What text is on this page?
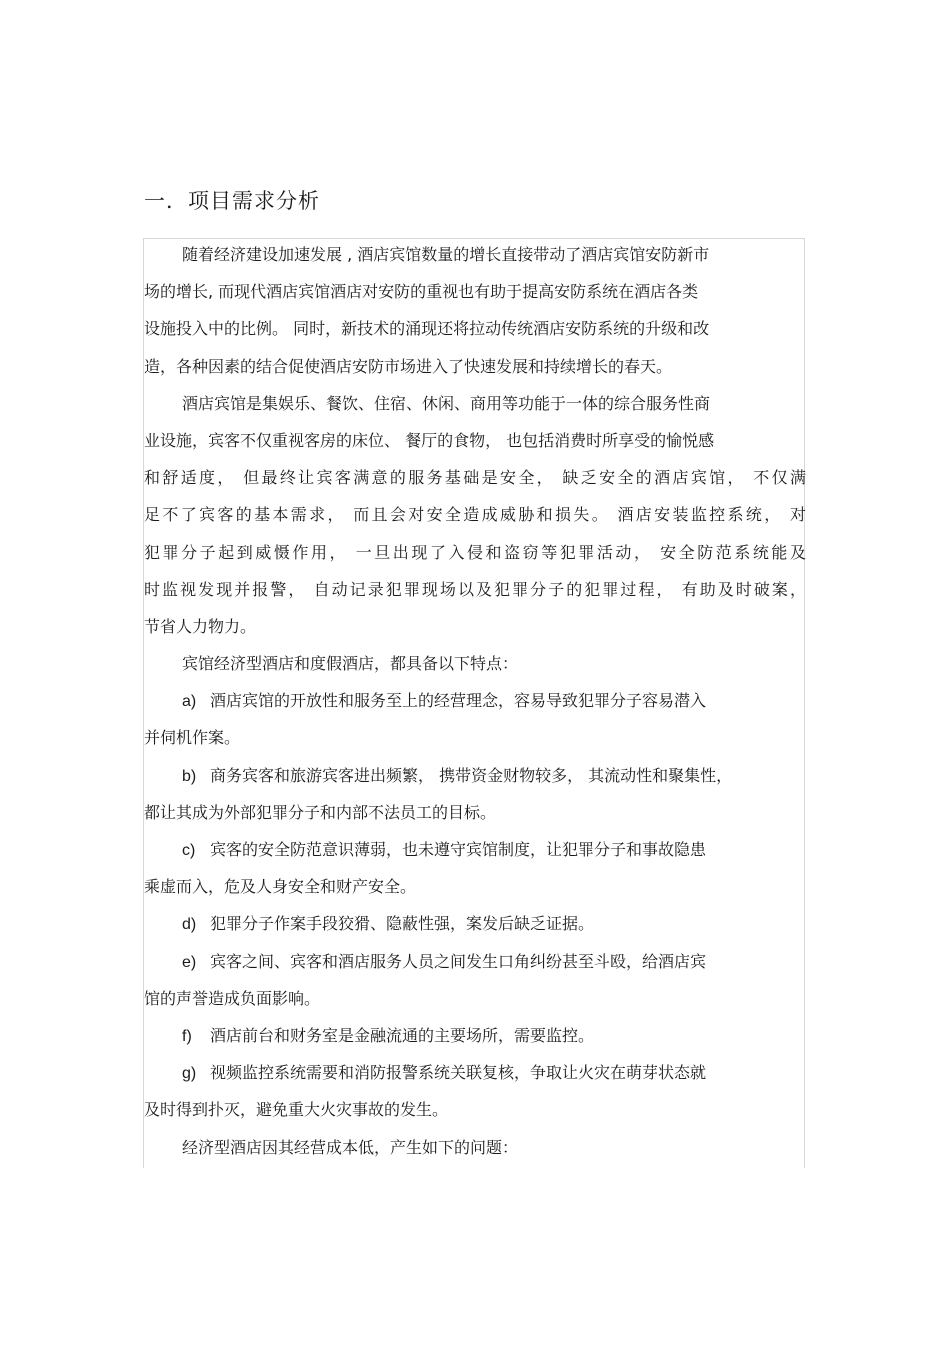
一．项目需求分析
随着经济建设加速发展 , 酒店宾馆数量的增长直接带动了酒店宾馆安防新市
场的增长, 而现代酒店宾馆酒店对安防的重视也有助于提高安防系统在酒店各类
设施投入中的比例。 同时，新技术的涌现还将拉动传统酒店安防系统的升级和改
造，各种因素的结合促使酒店安防市场进入了快速发展和持续增长的春天。
酒店宾馆是集娱乐、餐饮、住宿、休闲、商用等功能于一体的综合服务性商
业设施，宾客不仅重视客房的床位、 餐厅的食物， 也包括消费时所享受的愉悦感
和舒适度， 但最终让宾客满意的服务基础是安全， 缺乏安全的酒店宾馆， 不仅满
足不了宾客的基本需求， 而且会对安全造成威胁和损失。 酒店安装监控系统， 对
犯罪分子起到威慑作用， 一旦出现了入侵和盗窃等犯罪活动， 安全防范系统能及
时监视发现并报警， 自动记录犯罪现场以及犯罪分子的犯罪过程， 有助及时破案，
节省人力物力。
宾馆经济型酒店和度假酒店，都具备以下特点：
a) 酒店宾馆的开放性和服务至上的经营理念，容易导致犯罪分子容易潜入
并伺机作案。
b) 商务宾客和旅游宾客进出频繁， 携带资金财物较多， 其流动性和聚集性，
都让其成为外部犯罪分子和内部不法员工的目标。
c) 宾客的安全防范意识薄弱，也未遵守宾馆制度，让犯罪分子和事故隐患
乘虚而入，危及人身安全和财产安全。
d) 犯罪分子作案手段狡猾、隐蔽性强，案发后缺乏证据。
e) 宾客之间、宾客和酒店服务人员之间发生口角纠纷甚至斗殴，给酒店宾
馆的声誉造成负面影响。
f) 酒店前台和财务室是金融流通的主要场所，需要监控。
g) 视频监控系统需要和消防报警系统关联复核，争取让火灾在萌芽状态就
及时得到扑灭，避免重大火灾事故的发生。
经济型酒店因其经营成本低，产生如下的问题：
